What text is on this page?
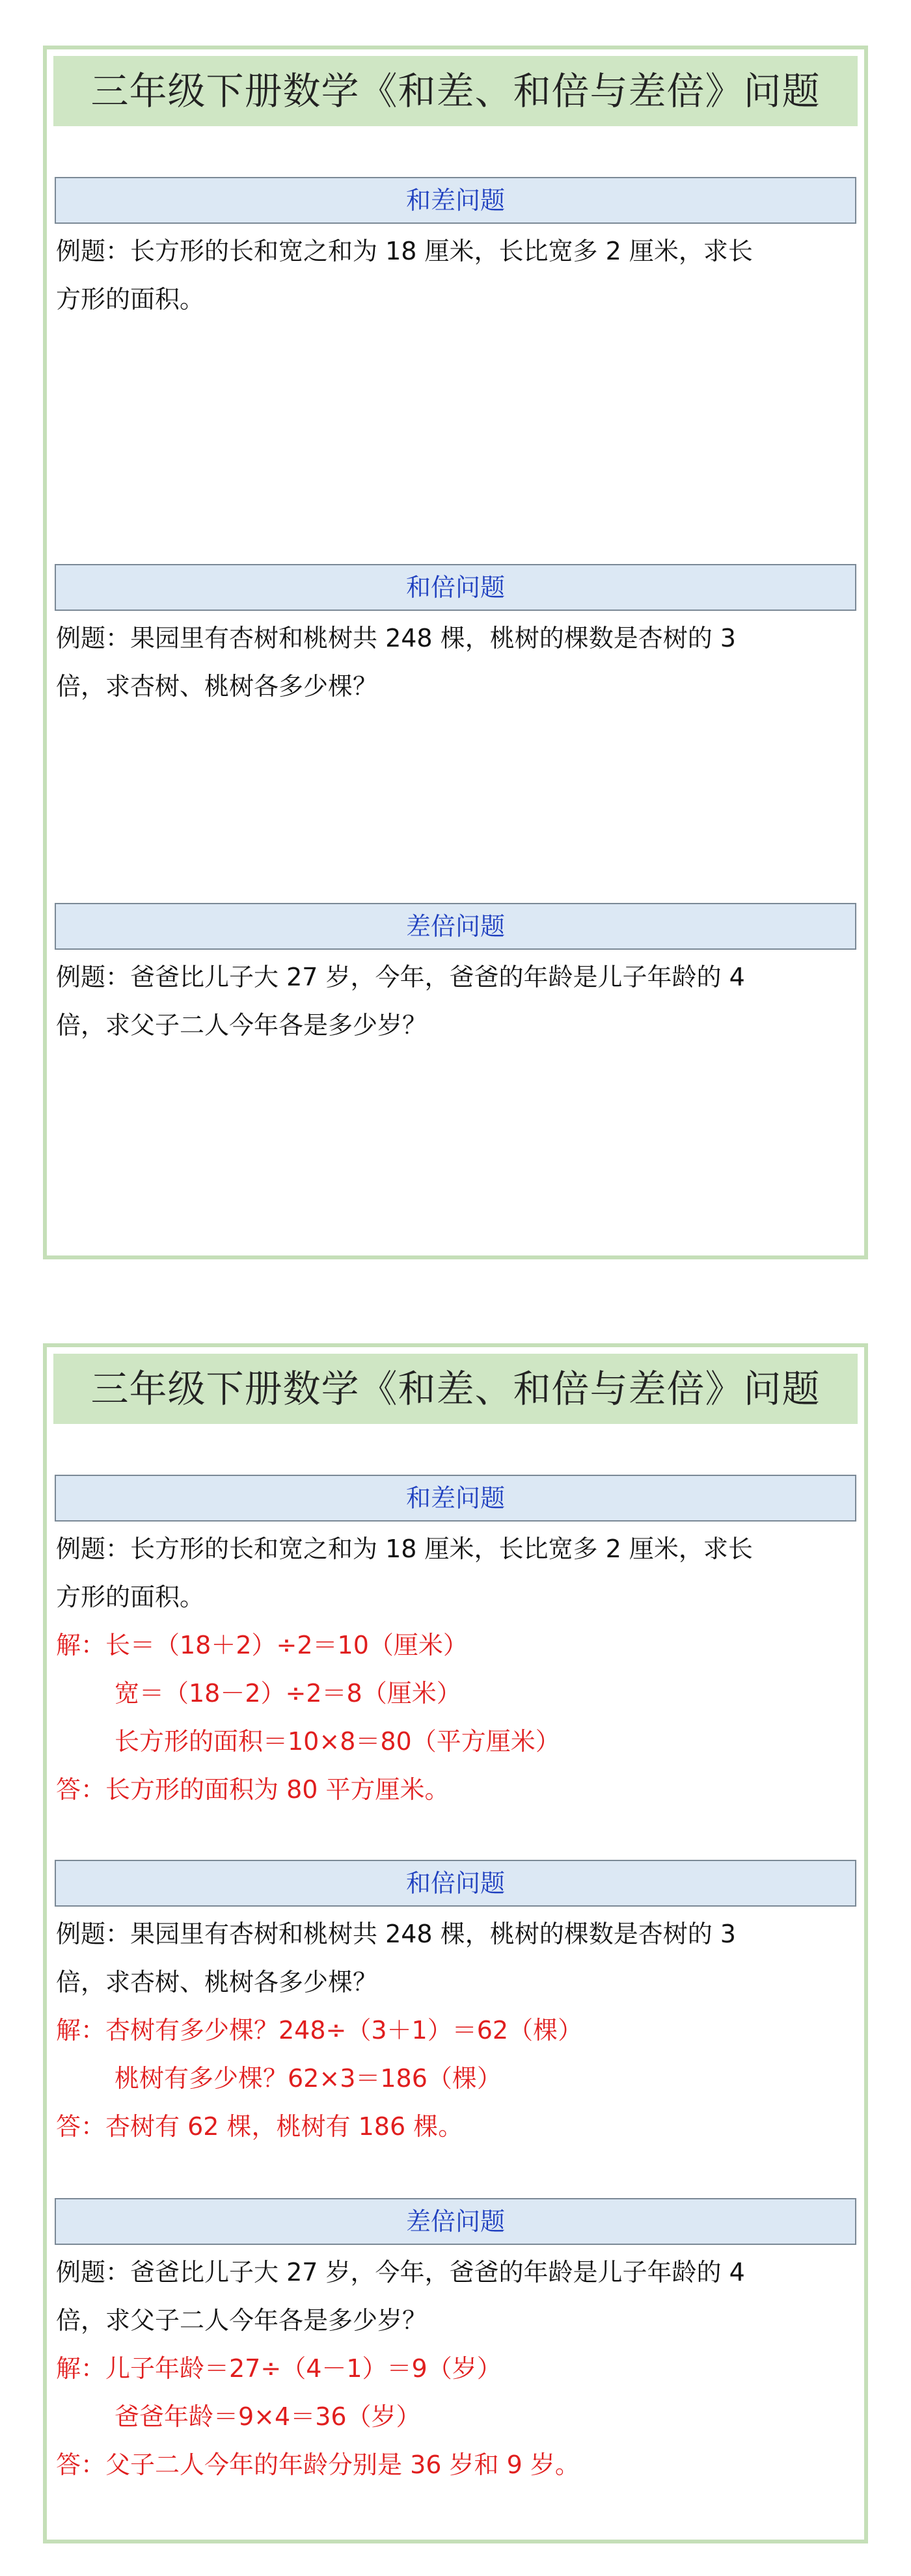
三年级下册数学《和差、和倍与差倍》问题
和差问题
例题：长方形的长和宽之和为 18 厘米，长比宽多 2 厘米，求长
方形的面积。
和倍问题
例题：果园里有杏树和桃树共 248 棵，桃树的棵数是杏树的 3
倍，求杏树、桃树各多少棵？
差倍问题
例题：爸爸比儿子大 27 岁，今年，爸爸的年龄是儿子年龄的 4
倍，求父子二人今年各是多少岁？
三年级下册数学《和差、和倍与差倍》问题
和差问题
例题：长方形的长和宽之和为 18 厘米，长比宽多 2 厘米，求长
方形的面积。
解：长＝（18＋2）÷2＝10（厘米）
宽＝（18－2）÷2＝8（厘米）
长方形的面积＝10×8＝80（平方厘米）
答：长方形的面积为 80 平方厘米。
和倍问题
例题：果园里有杏树和桃树共 248 棵，桃树的棵数是杏树的 3
倍，求杏树、桃树各多少棵？
解：杏树有多少棵？248÷（3＋1）＝62（棵）
桃树有多少棵？62×3＝186（棵）
答：杏树有 62 棵，桃树有 186 棵。
差倍问题
例题：爸爸比儿子大 27 岁，今年，爸爸的年龄是儿子年龄的 4
倍，求父子二人今年各是多少岁？
解：儿子年龄＝27÷（4－1）＝9（岁）
爸爸年龄＝9×4＝36（岁）
答：父子二人今年的年龄分别是 36 岁和 9 岁。
